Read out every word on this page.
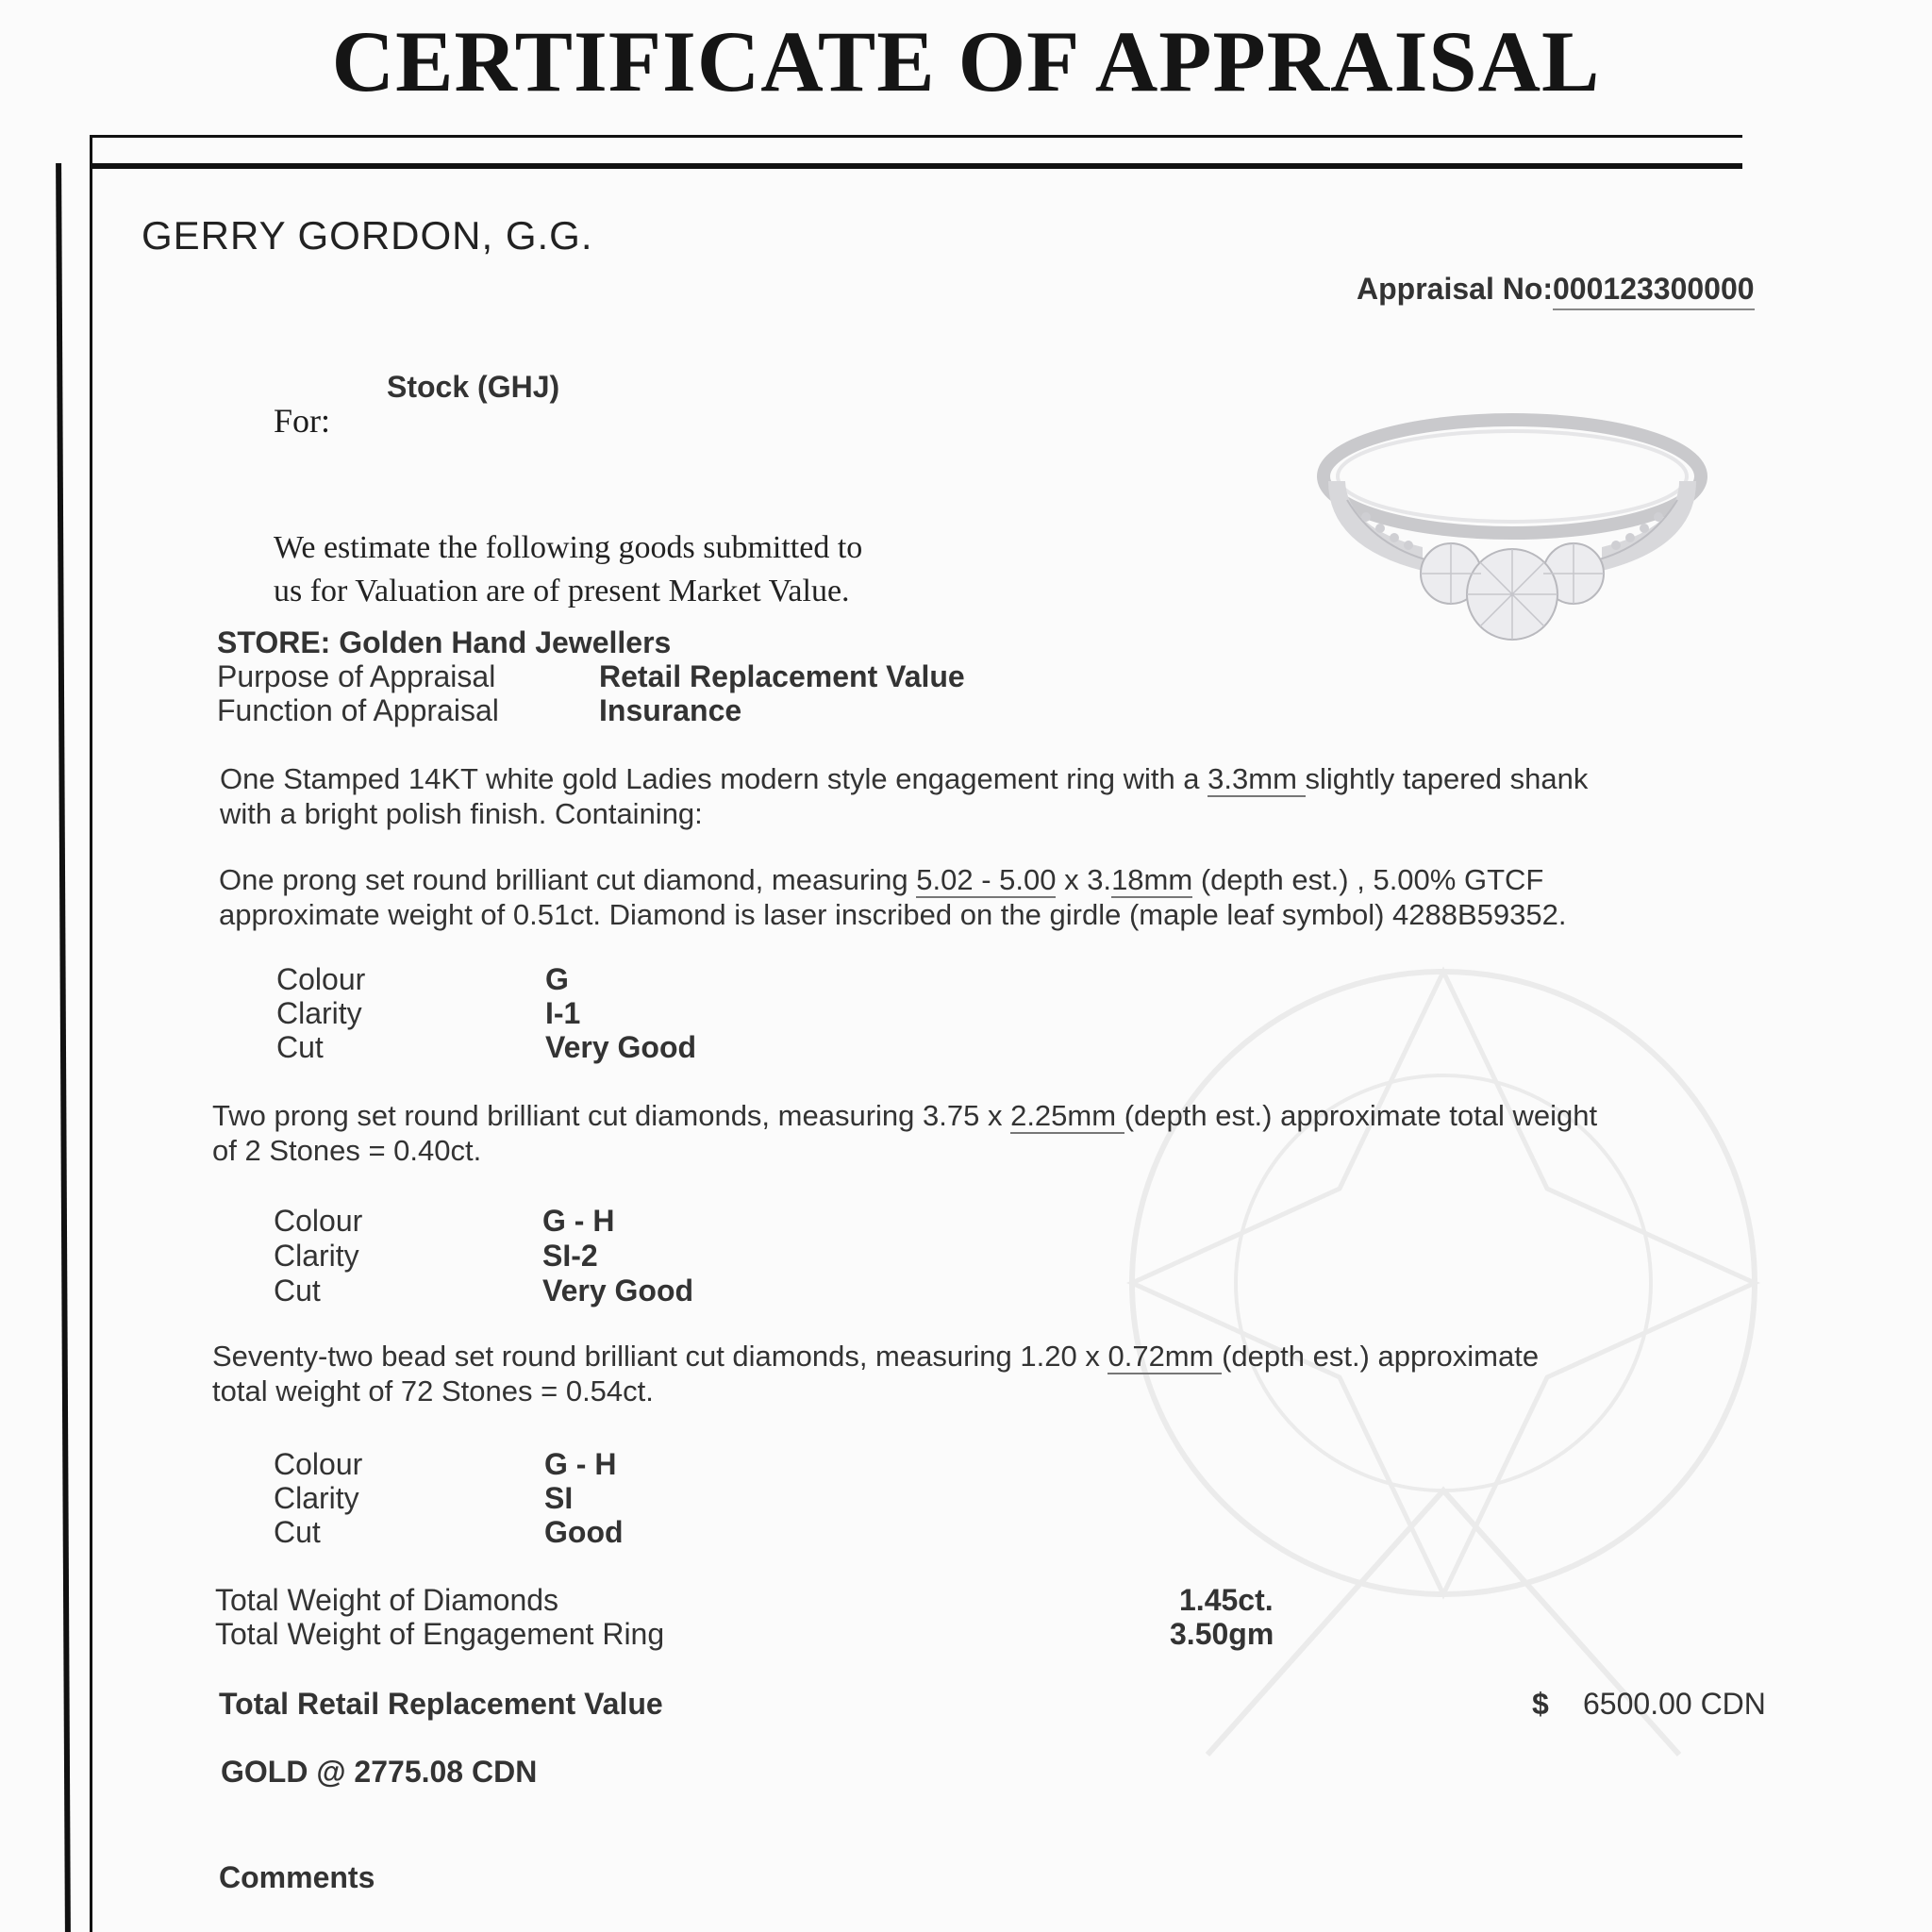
CERTIFICATE OF APPRAISAL
GERRY GORDON, G.G.
Appraisal No: 000123300000
Stock (GHJ)
For:
We estimate the following goods submitted to
us for Valuation are of present Market Value.
STORE: Golden Hand Jewellers
Purpose of Appraisal	Retail Replacement Value
Function of Appraisal	Insurance
One Stamped 14KT white gold Ladies modern style engagement ring with a 3.3mm slightly tapered shank
with a bright polish finish. Containing:
One prong set round brilliant cut diamond, measuring 5.02 - 5.00 x 3.18mm (depth est.) , 5.00% GTCF
approximate weight of 0.51ct. Diamond is laser inscribed on the girdle (maple leaf symbol) 4288B59352.
Colour	G
Clarity	I-1
Cut	Very Good
Two prong set round brilliant cut diamonds, measuring 3.75 x 2.25mm (depth est.) approximate total weight
of 2 Stones = 0.40ct.
Colour	G - H
Clarity	SI-2
Cut	Very Good
Seventy-two bead set round brilliant cut diamonds, measuring 1.20 x 0.72mm (depth est.) approximate
total weight of 72 Stones = 0.54ct.
Colour	G - H
Clarity	SI
Cut	Good
Total Weight of Diamonds	1.45ct.
Total Weight of Engagement Ring	3.50gm
Total Retail Replacement Value	$ 6500.00 CDN
GOLD @ 2775.08 CDN
Comments
